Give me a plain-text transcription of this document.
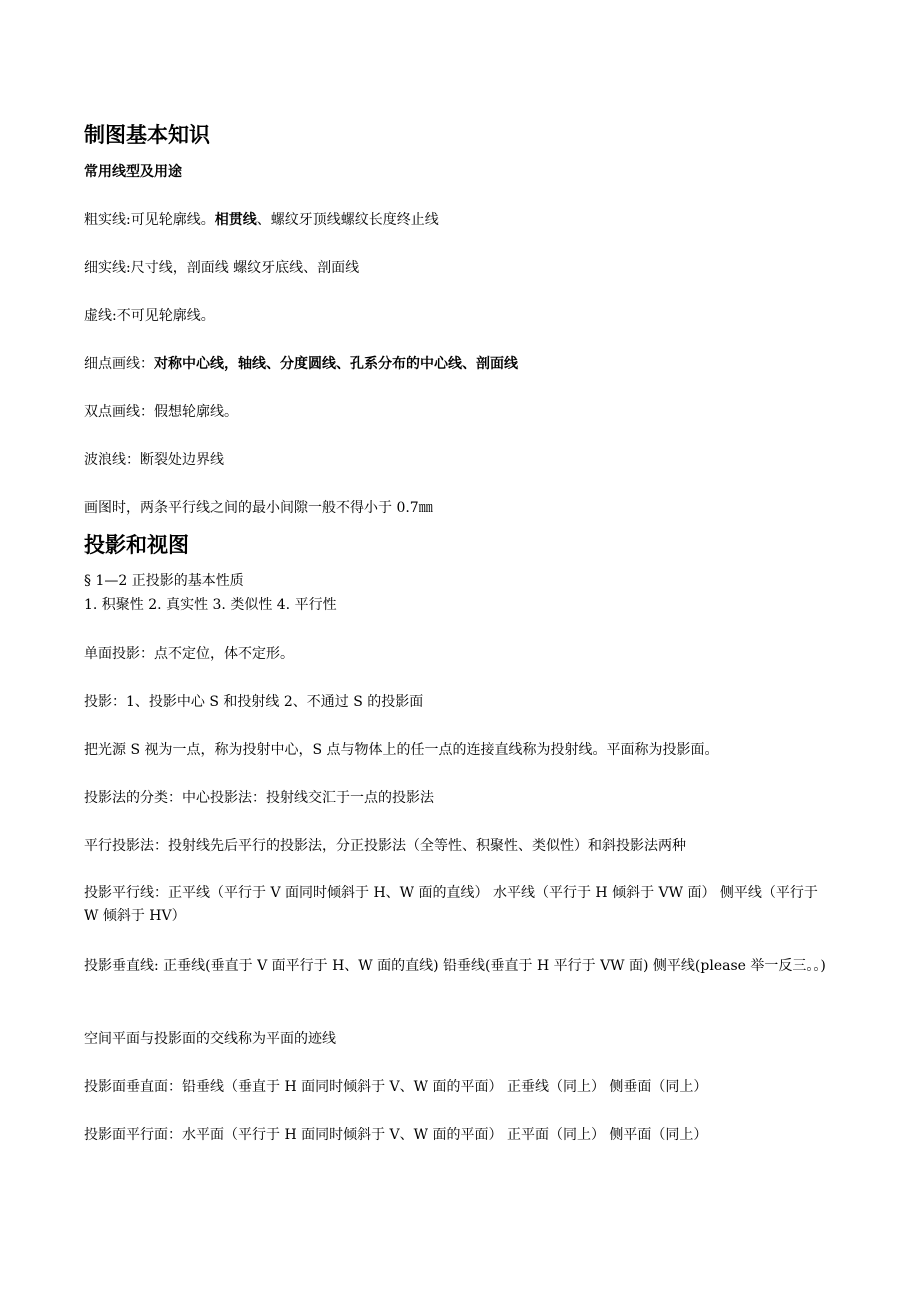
制图基本知识
常用线型及用途
粗实线:可见轮廓线。相贯线、螺纹牙顶线螺纹长度终止线
细实线:尺寸线，剖面线 螺纹牙底线、剖面线
虚线:不可见轮廓线。
细点画线：对称中心线，轴线、分度圆线、孔系分布的中心线、剖面线
双点画线：假想轮廓线。
波浪线：断裂处边界线
画图时，两条平行线之间的最小间隙一般不得小于 0.7㎜
投影和视图
§ 1—2 正投影的基本性质
1. 积聚性 2. 真实性 3. 类似性 4. 平行性
单面投影：点不定位，体不定形。
投影：1、投影中心 S 和投射线 2、不通过 S 的投影面
把光源 S 视为一点，称为投射中心，S 点与物体上的任一点的连接直线称为投射线。平面称为投影面。
投影法的分类：中心投影法：投射线交汇于一点的投影法
平行投影法：投射线先后平行的投影法，分正投影法（全等性、积聚性、类似性）和斜投影法两种
投影平行线：正平线（平行于 V 面同时倾斜于 H、W 面的直线） 水平线（平行于 H 倾斜于 VW 面） 侧平线（平行于 W 倾斜于 HV）
投影垂直线: 正垂线(垂直于 V 面平行于 H、W 面的直线) 铅垂线(垂直于 H 平行于 VW 面) 侧平线(please 举一反三。。)
空间平面与投影面的交线称为平面的迹线
投影面垂直面：铅垂线（垂直于 H 面同时倾斜于 V、W 面的平面） 正垂线（同上） 侧垂面（同上）
投影面平行面：水平面（平行于 H 面同时倾斜于 V、W 面的平面） 正平面（同上） 侧平面（同上）
